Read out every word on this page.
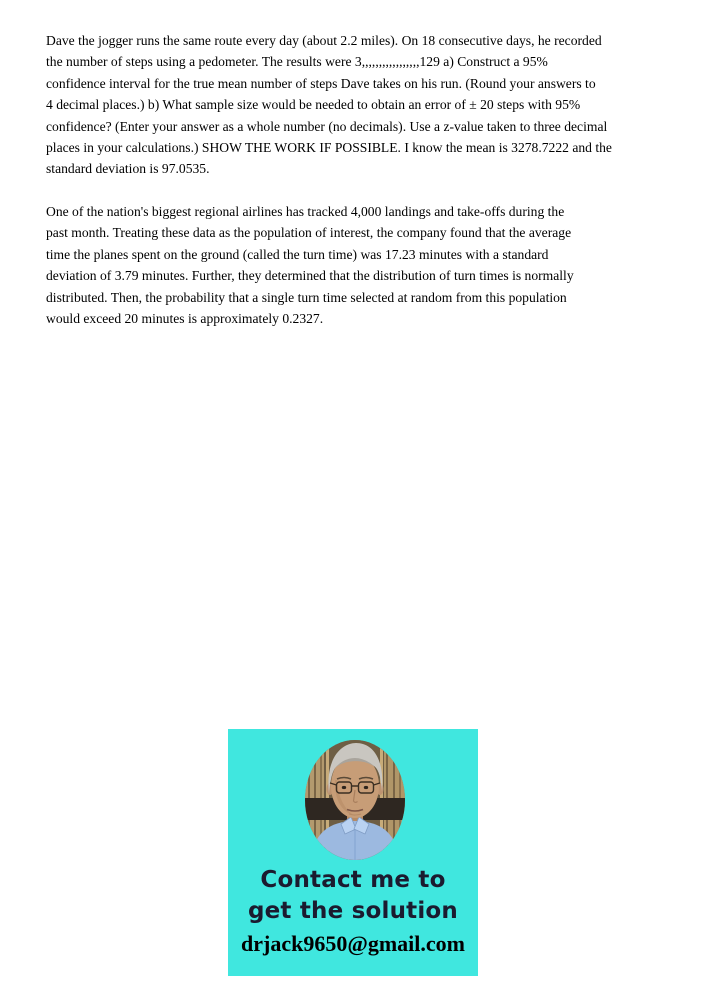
Dave the jogger runs the same route every day (about 2.2 miles). On 18 consecutive days, he recorded
the number of steps using a pedometer. The results were 3,,,,,,,,,,,,,,,,,129 a) Construct a 95%
confidence interval for the true mean number of steps Dave takes on his run. (Round your answers to
4 decimal places.) b) What sample size would be needed to obtain an error of ± 20 steps with 95%
confidence? (Enter your answer as a whole number (no decimals). Use a z-value taken to three decimal
places in your calculations.) SHOW THE WORK IF POSSIBLE. I know the mean is 3278.7222 and the
standard deviation is 97.0535.
One of the nation's biggest regional airlines has tracked 4,000 landings and take-offs during the
past month. Treating these data as the population of interest, the company found that the average
time the planes spent on the ground (called the turn time) was 17.23 minutes with a standard
deviation of 3.79 minutes. Further, they determined that the distribution of turn times is normally
distributed. Then, the probability that a single turn time selected at random from this population
would exceed 20 minutes is approximately 0.2327.
Contact me to
get the solution
drjack9650@gmail.com
